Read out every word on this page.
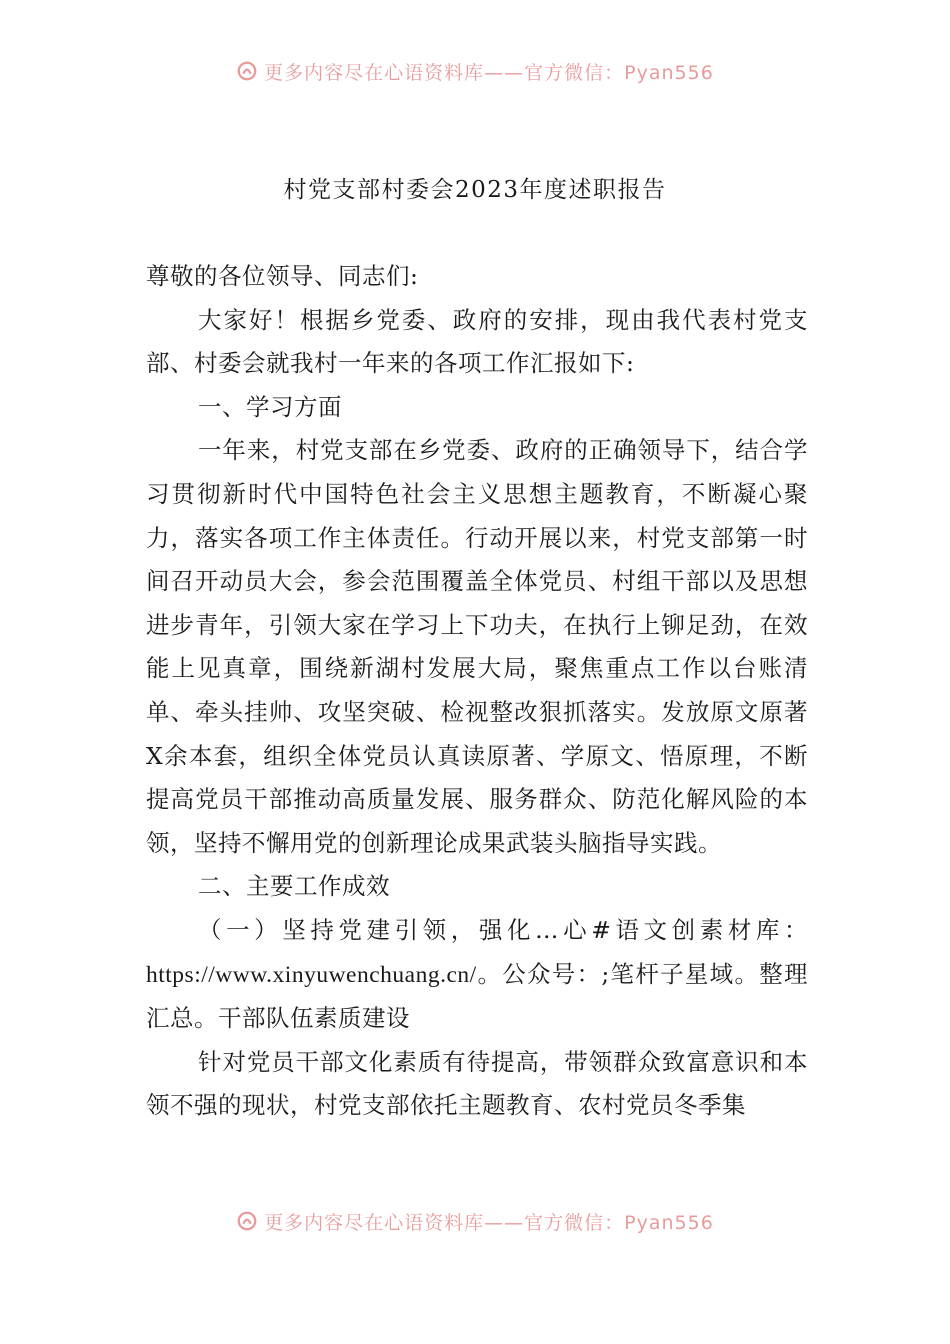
更多内容尽在心语资料库——官方微信：Pyan556
村党支部村委会2023年度述职报告

尊敬的各位领导、同志们:

大家好！根据乡党委、政府的安排，现由我代表村党支部、村委会就我村一年来的各项工作汇报如下:

一、学习方面

一年来，村党支部在乡党委、政府的正确领导下，结合学习贯彻新时代中国特色社会主义思想主题教育，不断凝心聚力，落实各项工作主体责任。行动开展以来，村党支部第一时间召开动员大会，参会范围覆盖全体党员、村组干部以及思想进步青年，引领大家在学习上下功夫，在执行上铆足劲，在效能上见真章，围绕新湖村发展大局，聚焦重点工作以台账清单、牵头挂帅、攻坚突破、检视整改狠抓落实。发放原文原著X余本套，组织全体党员认真读原著、学原文、悟原理，不断提高党员干部推动高质量发展、服务群众、防范化解风险的本领，坚持不懈用党的创新理论成果武装头脑指导实践。

二、主要工作成效

（一）坚持党建引领，强化…心#语文创素材库：https://www.xinyuwenchuang.cn/。公众号：;笔杆子星域。整理汇总。干部队伍素质建设

针对党员干部文化素质有待提高，带领群众致富意识和本领不强的现状，村党支部依托主题教育、农村党员冬季集

更多内容尽在心语资料库——官方微信：Pyan556
